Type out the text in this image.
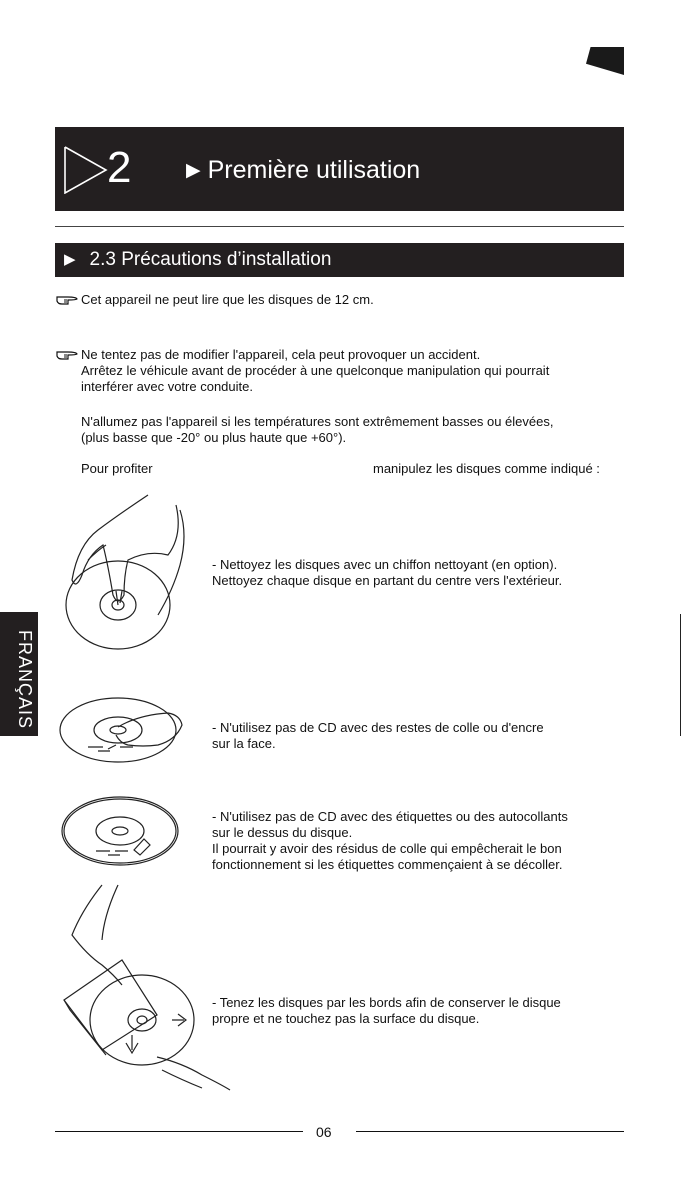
2	▶ Première utilisation
▶ 2.3 Précautions d’installation
Cet appareil ne peut lire que les disques de 12 cm.
Ne tentez pas de modifier l'appareil, cela peut provoquer un accident.
Arrêtez le véhicule avant de procéder à une quelconque manipulation qui pourrait
interférer avec votre conduite.
N'allumez pas l'appareil si les températures sont extrêmement basses ou élevées,
(plus basse que -20° ou plus haute que +60°).
Pour profiter	manipulez les disques comme indiqué :
- Nettoyez les disques avec un chiffon nettoyant (en option).
Nettoyez chaque disque en partant du centre vers l'extérieur.
- N'utilisez pas de CD avec des restes de colle ou d'encre
sur la face.
- N'utilisez pas de CD avec des étiquettes ou des autocollants
sur le dessus du disque.
Il pourrait y avoir des résidus de colle qui empêcherait le bon
fonctionnement si les étiquettes commençaient à se décoller.
- Tenez les disques par les bords afin de conserver le disque
propre et ne touchez pas la surface du disque.
FRANÇAIS
06
